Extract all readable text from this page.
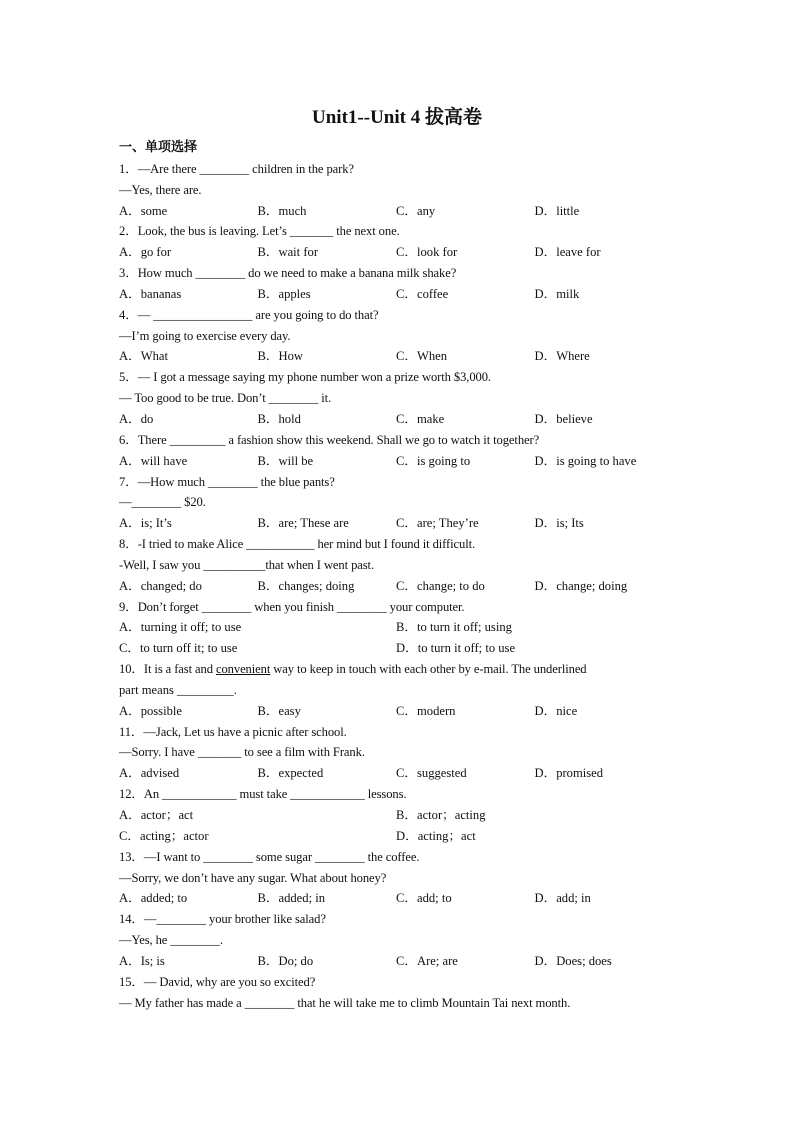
Unit1--Unit 4 拔高卷
一、单项选择
1．—Are there ________ children in the park?
—Yes, there are.
A．some	B．much	C．any	D．little
2．Look, the bus is leaving. Let’s _______ the next one.
A．go for	B．wait for	C．look for	D．leave for
3．How much ________ do we need to make a banana milk shake?
A．bananas	B．apples	C．coffee	D．milk
4．— ________________ are you going to do that?
—I’m going to exercise every day.
A．What	B．How	C．When	D．Where
5．— I got a message saying my phone number won a prize worth $3,000.
— Too good to be true. Don’t ________ it.
A．do	B．hold	C．make	D．believe
6．There _________ a fashion show this weekend. Shall we go to watch it together?
A．will have	B．will be	C．is going to	D．is going to have
7．—How much ________ the blue pants?
—________ $20.
A．is; It’s	B．are; These are	C．are; They’re	D．is; Its
8．-I tried to make Alice ___________ her mind but I found it difficult.
-Well, I saw you __________that when I went past.
A．changed; do	B．changes; doing	C．change; to do	D．change; doing
9．Don’t forget ________ when you finish ________ your computer.
A．turning it off; to use	B．to turn it off; using
C．to turn off it; to use	D．to turn it off; to use
10．It is a fast and convenient way to keep in touch with each other by e-mail. The underlined
part means _________.
A．possible	B．easy	C．modern	D．nice
11．—Jack, Let us have a picnic after school.
—Sorry. I have _______ to see a film with Frank.
A．advised	B．expected	C．suggested	D．promised
12．An ____________ must take ____________ lessons.
A．actor；act	B．actor；acting
C．acting；actor	D．acting；act
13．—I want to ________ some sugar ________ the coffee.
—Sorry, we don’t have any sugar. What about honey?
A．added; to	B．added; in	C．add; to	D．add; in
14．—________ your brother like salad?
—Yes, he ________.
A．Is; is	B．Do; do	C．Are; are	D．Does; does
15．— David, why are you so excited?
— My father has made a ________ that he will take me to climb Mountain Tai next month.
